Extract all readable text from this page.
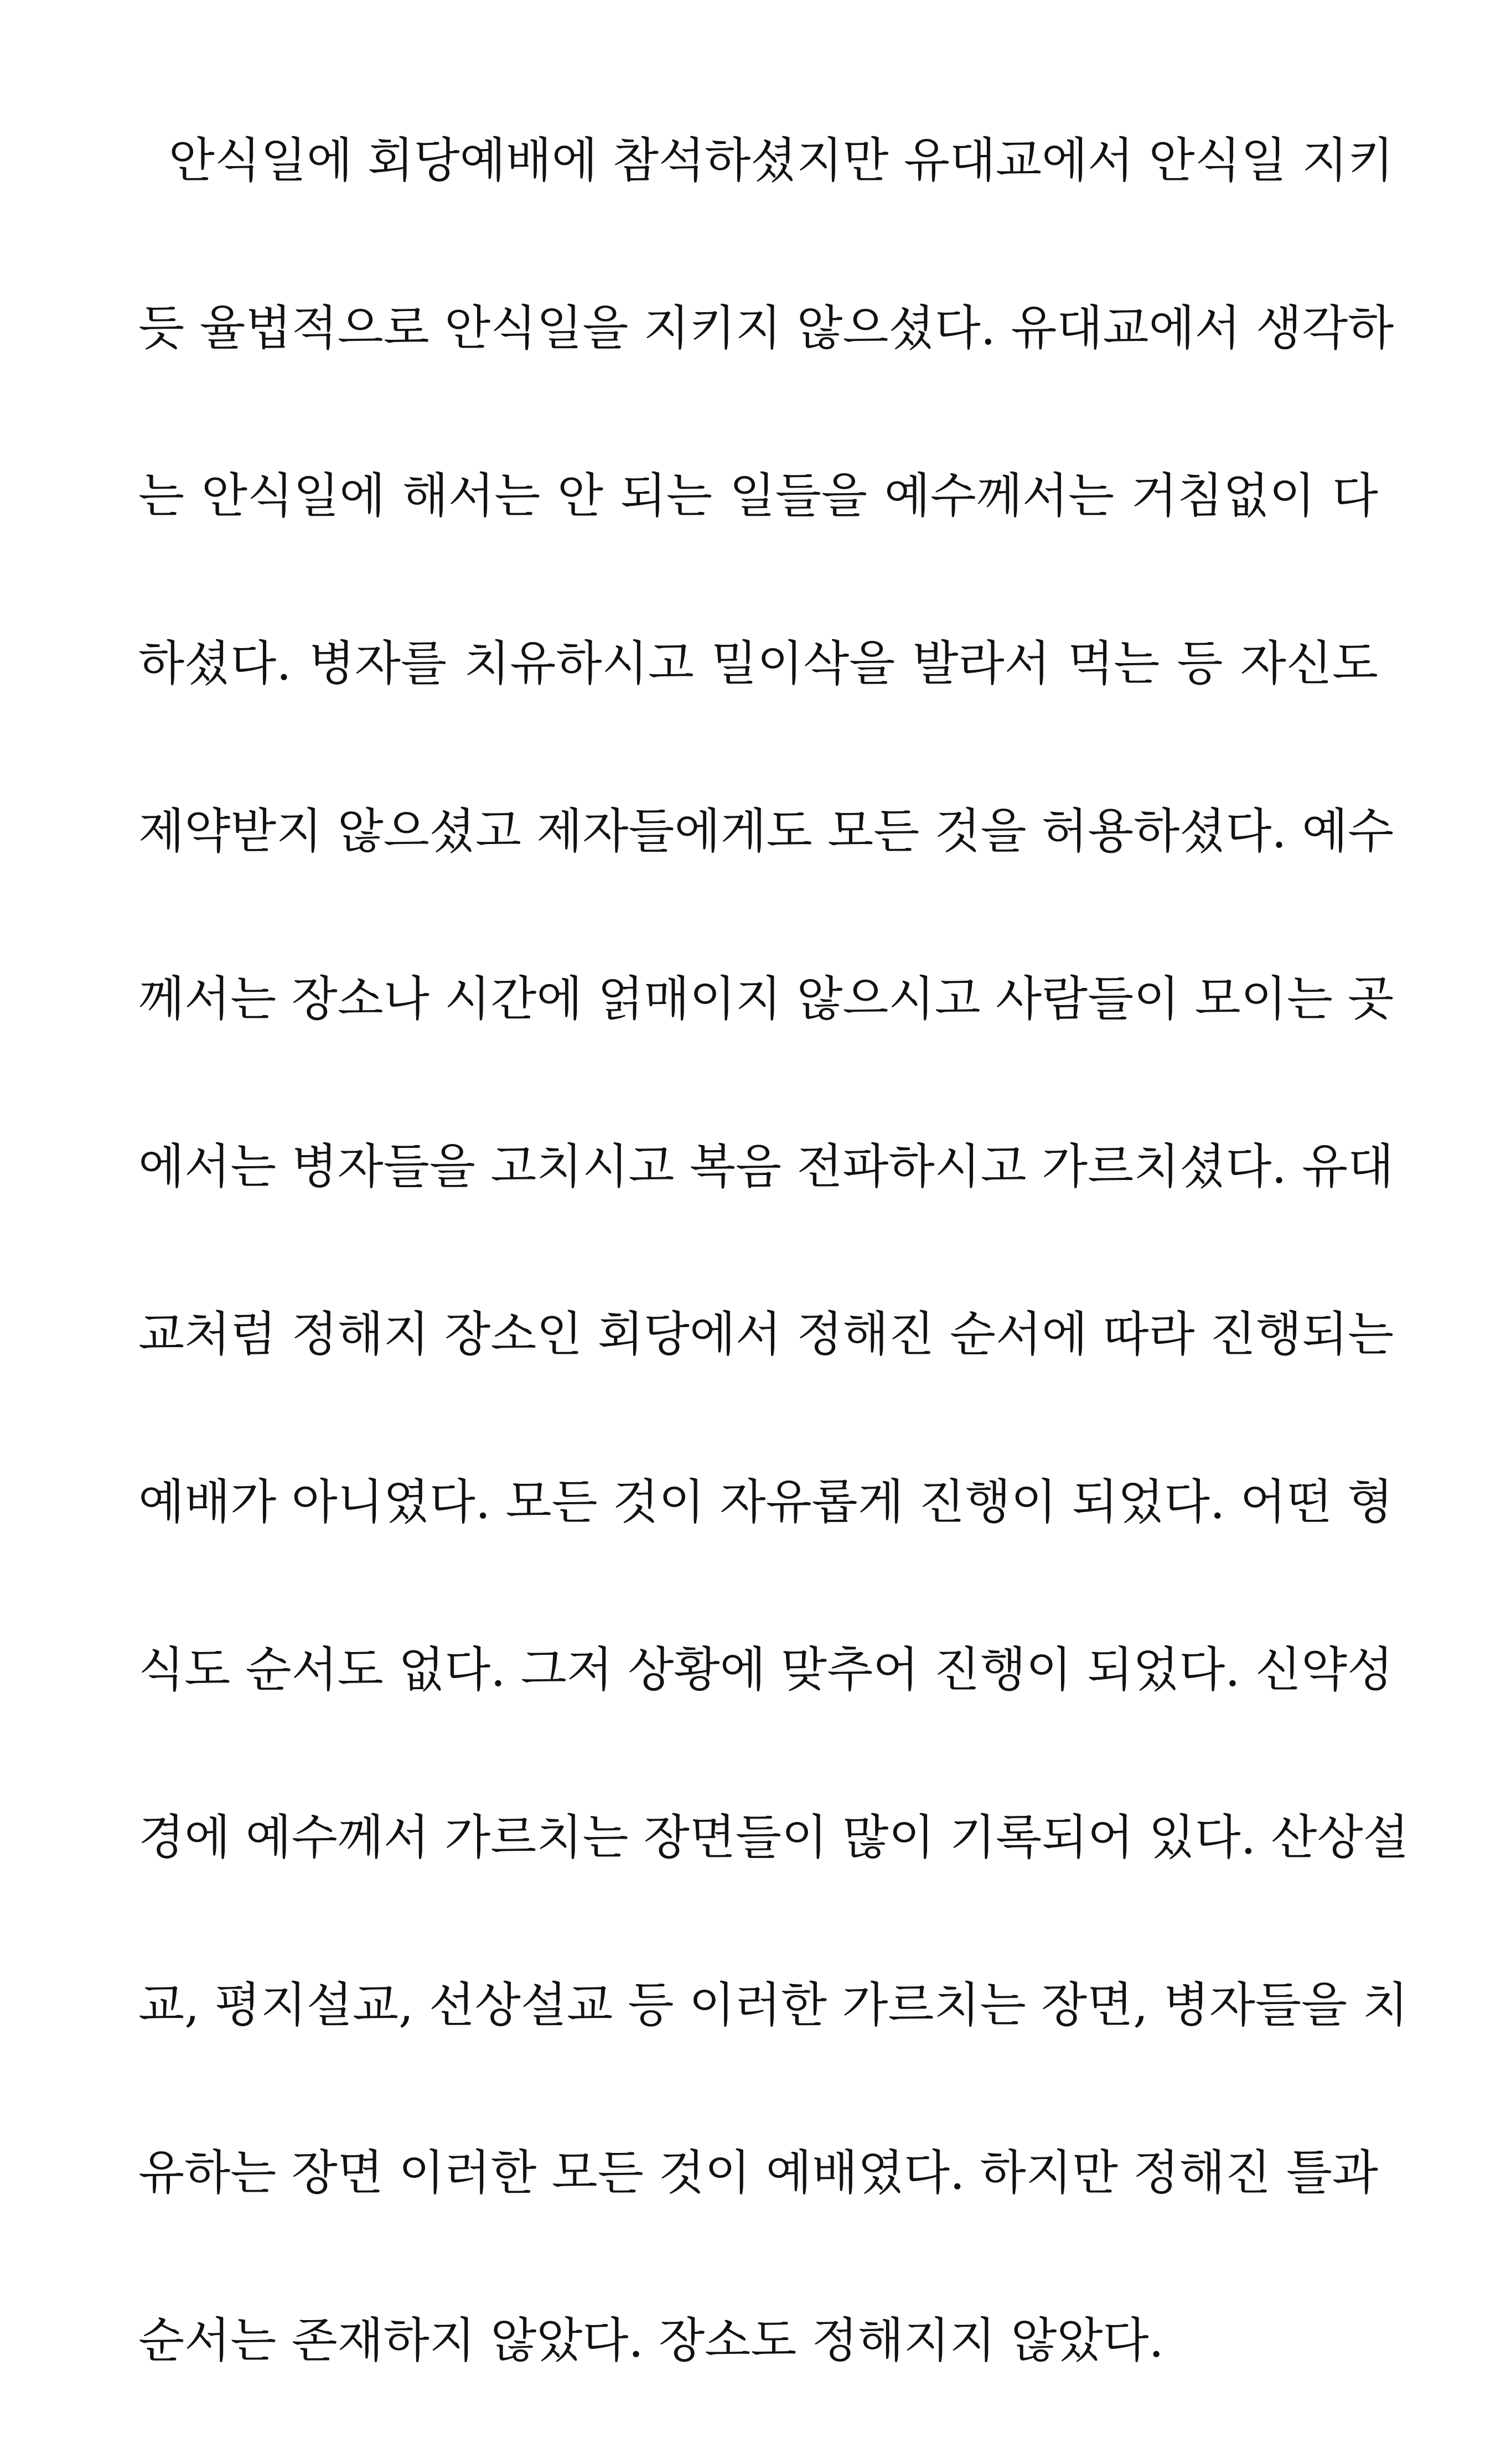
안식일에 회당예배에 참석하셨지만 유대교에서 안식일 지키
듯 율법적으로 안식일을 지키지 않으셨다. 유대교에서 생각하
는 안식일에 해서는 안 되는 일들을 예수께서는 거침없이 다
하셨다. 병자를 치유하시고 밀이삭을 발라서 먹는 등 자신도
제약받지 않으셨고 제자들에게도 모든 것을 허용하셨다. 예수
께서는 장소나 시간에 얽매이지 않으시고 사람들이 모이는 곳
에서는 병자들을 고치시고 복음 전파하시고 가르치셨다. 유대
교처럼 정해지 장소인 회당에서 정해진 순서에 따라 진행되는
예배가 아니였다. 모든 것이 자유롭게 진행이 되었다. 어떤 형
식도 순서도 없다. 그저 상황에 맞추어 진행이 되었다. 신약성
경에 예수께서 가르치는 장면들이 많이 기록되어 있다. 산상설
교, 평지설교, 선상설교 등 이러한 가르치는 장면, 병자들을 치
유하는 장면 이러한 모든 것이 예배였다. 하지만 정해진 틀과
순서는 존재하지 않았다. 장소도 정해지지 않았다.
